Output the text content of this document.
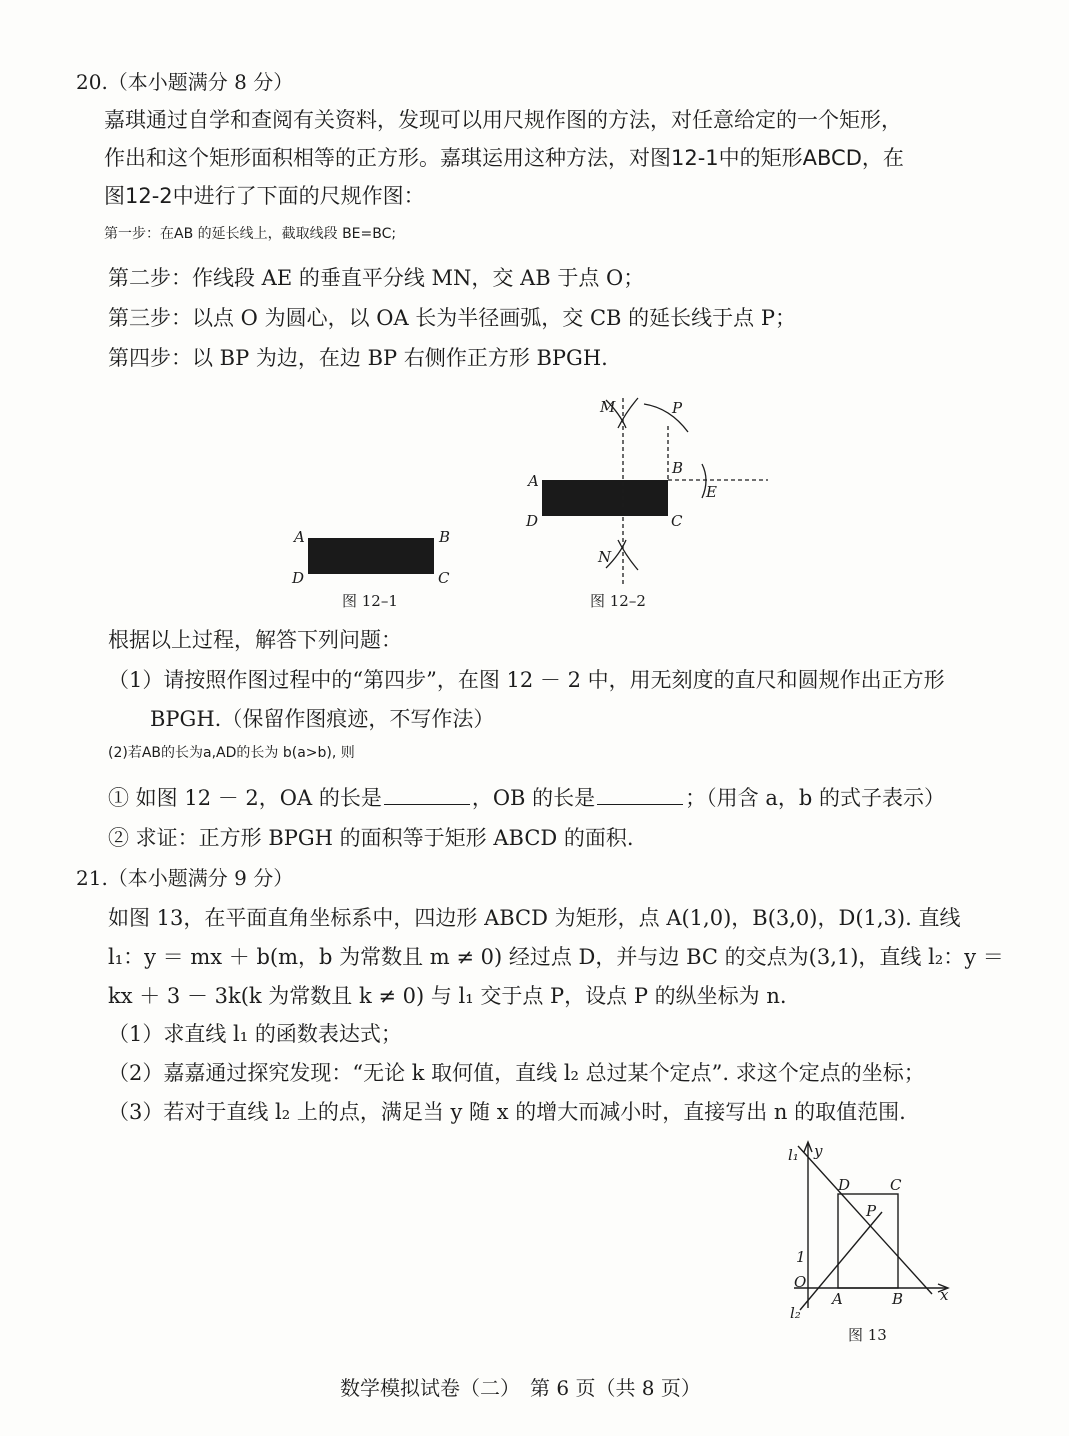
20.（本小题满分 8 分）
嘉琪通过自学和查阅有关资料，发现可以用尺规作图的方法，对任意给定的一个矩形，
作出和这个矩形面积相等的正方形。嘉琪运用这种方法，对图12-1中的矩形ABCD，在
图12-2中进行了下面的尺规作图：
第一步：在AB 的延长线上，截取线段 BE=BC;
第二步：作线段 AE 的垂直平分线 MN，交 AB 于点 O；
第三步：以点 O 为圆心，以 OA 长为半径画弧，交 CB 的延长线于点 P；
第四步：以 BP 为边，在边 BP 右侧作正方形 BPGH.
A	B
C
D
图 12–1
M	P
B
E
A
D	C
N
图 12–2
根据以上过程，解答下列问题：
（1）请按照作图过程中的“第四步”，在图 12 － 2 中，用无刻度的直尺和圆规作出正方形
BPGH.（保留作图痕迹，不写作法）
(2)若AB的长为a,AD的长为 b(a>b), 则
① 如图 12 － 2，OA 的长是	，OB 的长是	；（用含 a，b 的式子表示）
② 求证：正方形 BPGH 的面积等于矩形 ABCD 的面积.
21.（本小题满分 9 分）
如图 13，在平面直角坐标系中，四边形 ABCD 为矩形，点 A(1,0)，B(3,0)，D(1,3). 直线
l₁：y ＝ mx ＋ b(m，b 为常数且 m ≠ 0) 经过点 D，并与边 BC 的交点为(3,1)，直线 l₂：y ＝
kx ＋ 3 － 3k(k 为常数且 k ≠ 0) 与 l₁ 交于点 P，设点 P 的纵坐标为 n.
（1）求直线 l₁ 的函数表达式；
（2）嘉嘉通过探究发现：“无论 k 取何值，直线 l₂ 总过某个定点”. 求这个定点的坐标；
（3）若对于直线 l₂ 上的点，满足当 y 随 x 的增大而减小时，直接写出 n 的取值范围.
l₁ y
D	C
P
1
O
A	B x
l₂
图 13
数学模拟试卷（二）　第 6 页（共 8 页）
